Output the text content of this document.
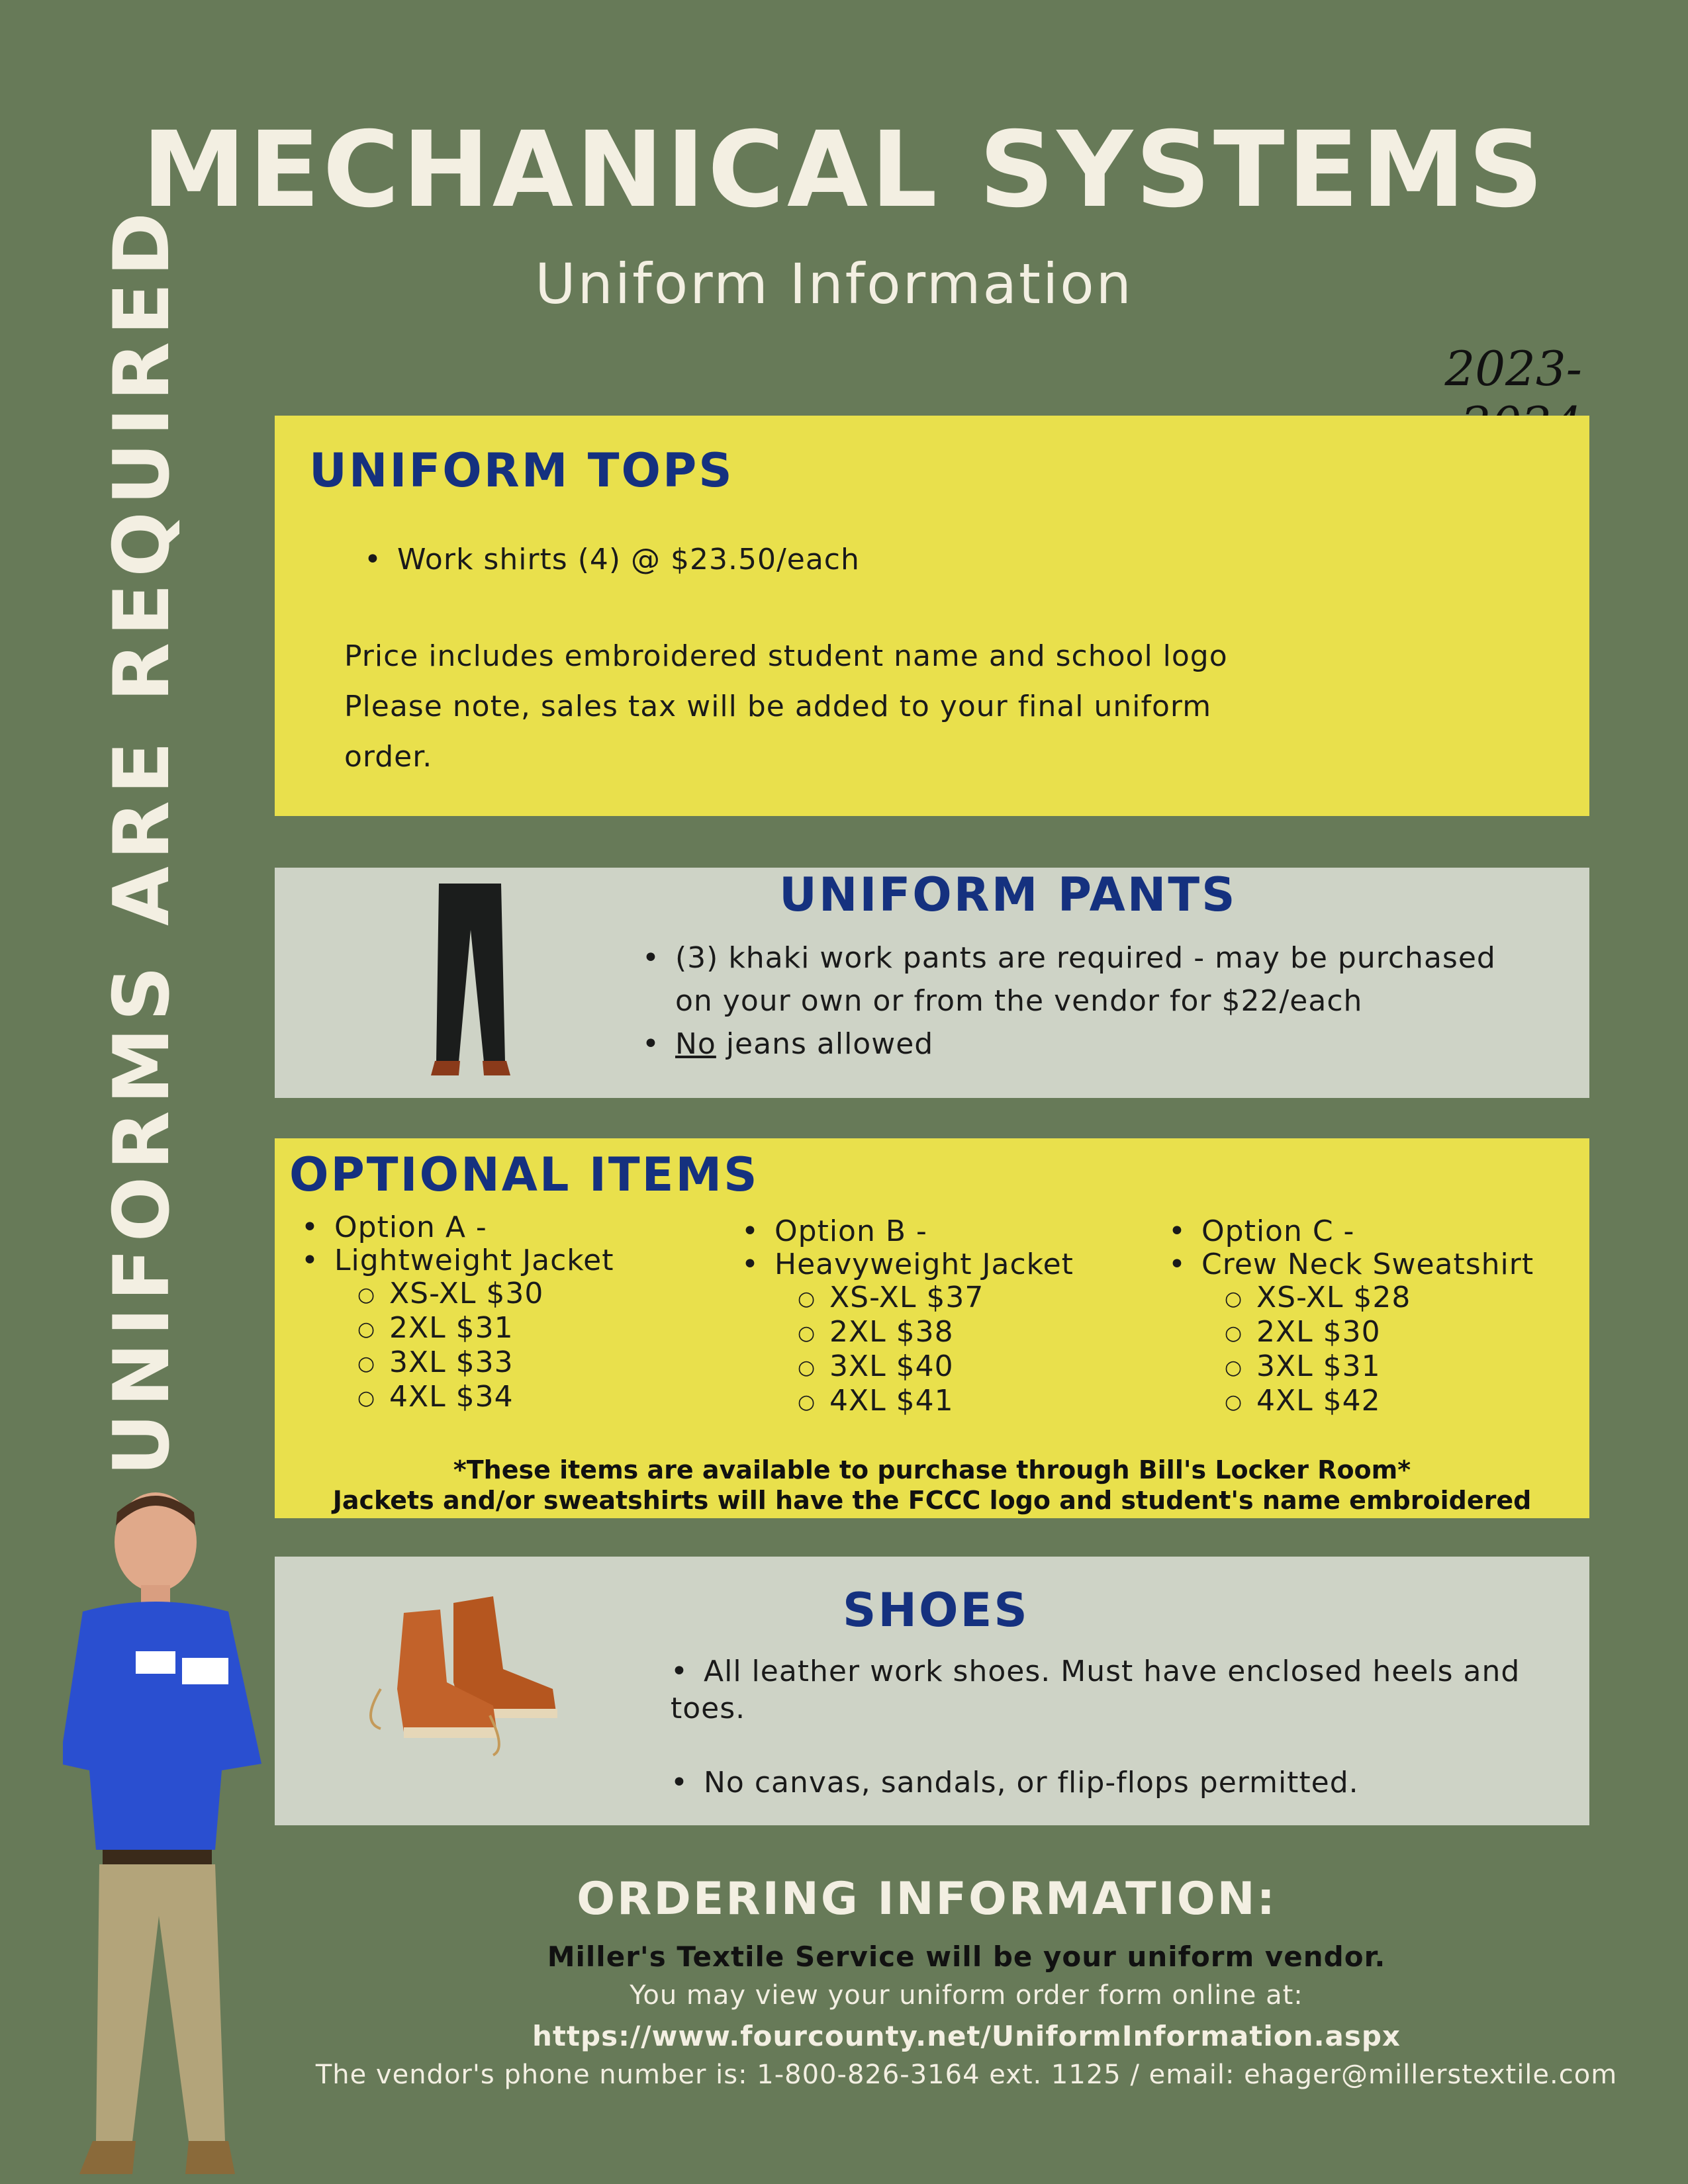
MECHANICAL SYSTEMS
Uniform Information
2023-
UNIFORMS ARE REQUIRED	UNIFORM TOPS
• Work shirts (4) @ $23.50/each
Price includes embroidered student name and school logo
Please note, sales tax will be added to your final uniform
order.
UNIFORM PANTS
• (3) khaki work pants are required - may be purchased
on your own or from the vendor for $22/each
• No jeans allowed
OPTIONAL ITEMS
• Option A -
• Lightweight Jacket
○ XS-XL $30
○ 2XL $31
○ 3XL $33
○ 4XL $34
• Option B -
• Heavyweight Jacket
○ XS-XL $37
○ 2XL $38
○ 3XL $40
○ 4XL $41
• Option C -
• Crew Neck Sweatshirt
○ XS-XL $28
○ 2XL $30
○ 3XL $31
○ 4XL $42
*These items are available to purchase through Bill's Locker Room*
Jackets and/or sweatshirts will have the FCCC logo and student's name embroidered
SHOES
• All leather work shoes. Must have enclosed heels and toes.
• No canvas, sandals, or flip-flops permitted.
ORDERING INFORMATION:
Miller's Textile Service will be your uniform vendor.
You may view your uniform order form online at:
https://www.fourcounty.net/UniformInformation.aspx
The vendor's phone number is: 1-800-826-3164 ext. 1125 / email: ehager@millerstextile.com
